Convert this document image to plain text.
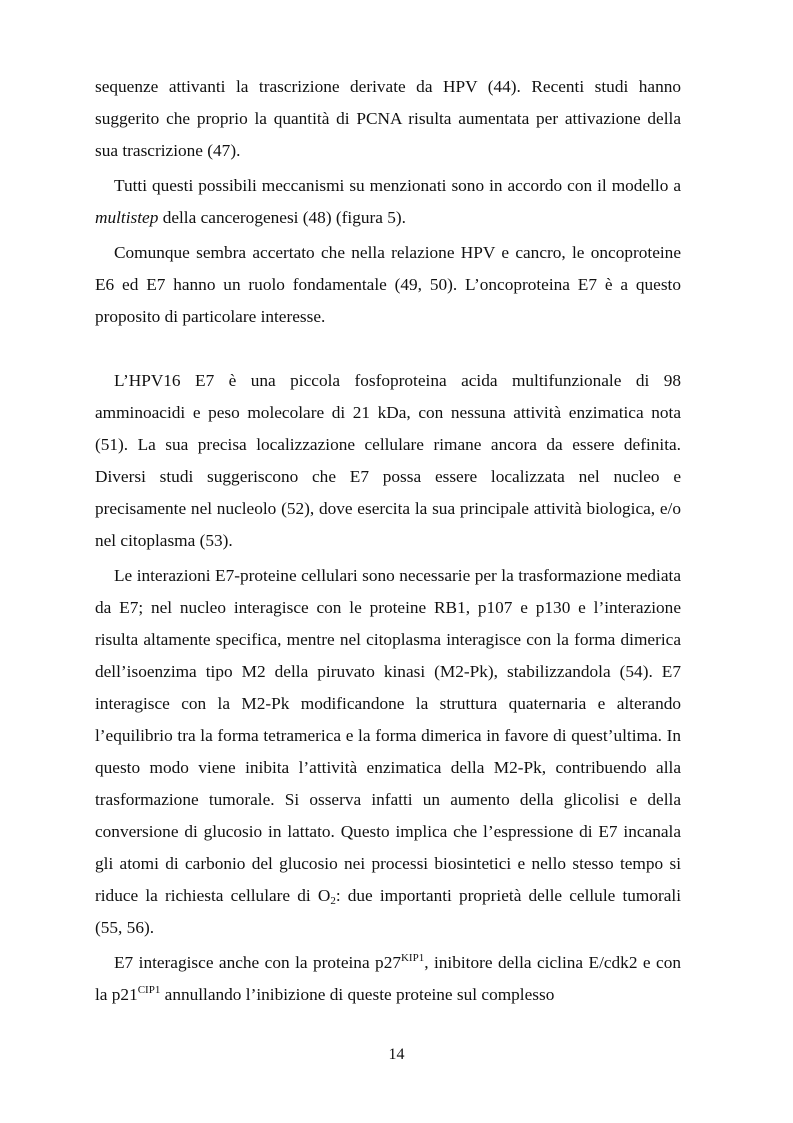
sequenze attivanti la trascrizione derivate da HPV (44). Recenti studi hanno suggerito che proprio la quantità di PCNA risulta aumentata per attivazione della sua trascrizione (47).

Tutti questi possibili meccanismi su menzionati sono in accordo con il modello a multistep della cancerogenesi (48) (figura 5).

Comunque sembra accertato che nella relazione HPV e cancro, le oncoproteine E6 ed E7 hanno un ruolo fondamentale (49, 50). L’oncoproteina E7 è a questo proposito di particolare interesse.

L’HPV16 E7 è una piccola fosfoproteina acida multifunzionale di 98 amminoacidi e peso molecolare di 21 kDa, con nessuna attività enzimatica nota (51). La sua precisa localizzazione cellulare rimane ancora da essere definita. Diversi studi suggeriscono che E7 possa essere localizzata nel nucleo e precisamente nel nucleolo (52), dove esercita la sua principale attività biologica, e/o nel citoplasma (53).

Le interazioni E7-proteine cellulari sono necessarie per la trasformazione mediata da E7; nel nucleo interagisce con le proteine RB1, p107 e p130 e l’interazione risulta altamente specifica, mentre nel citoplasma interagisce con la forma dimerica dell’isoenzima tipo M2 della piruvato kinasi (M2-Pk), stabilizzandola (54). E7 interagisce con la M2-Pk modificandone la struttura quaternaria e alterando l’equilibrio tra la forma tetramerica e la forma dimerica in favore di quest’ultima. In questo modo viene inibita l’attività enzimatica della M2-Pk, contribuendo alla trasformazione tumorale. Si osserva infatti un aumento della glicolisi e della conversione di glucosio in lattato. Questo implica che l’espressione di E7 incanala gli atomi di carbonio del glucosio nei processi biosintetici e nello stesso tempo si riduce la richiesta cellulare di $O_2$: due importanti proprietà delle cellule tumorali (55, 56).

E7 interagisce anche con la proteina $p27^{KIP1}$, inibitore della ciclina E/cdk2 e con la $p21^{CIP1}$ annullando l’inibizione di queste proteine sul complesso

14
